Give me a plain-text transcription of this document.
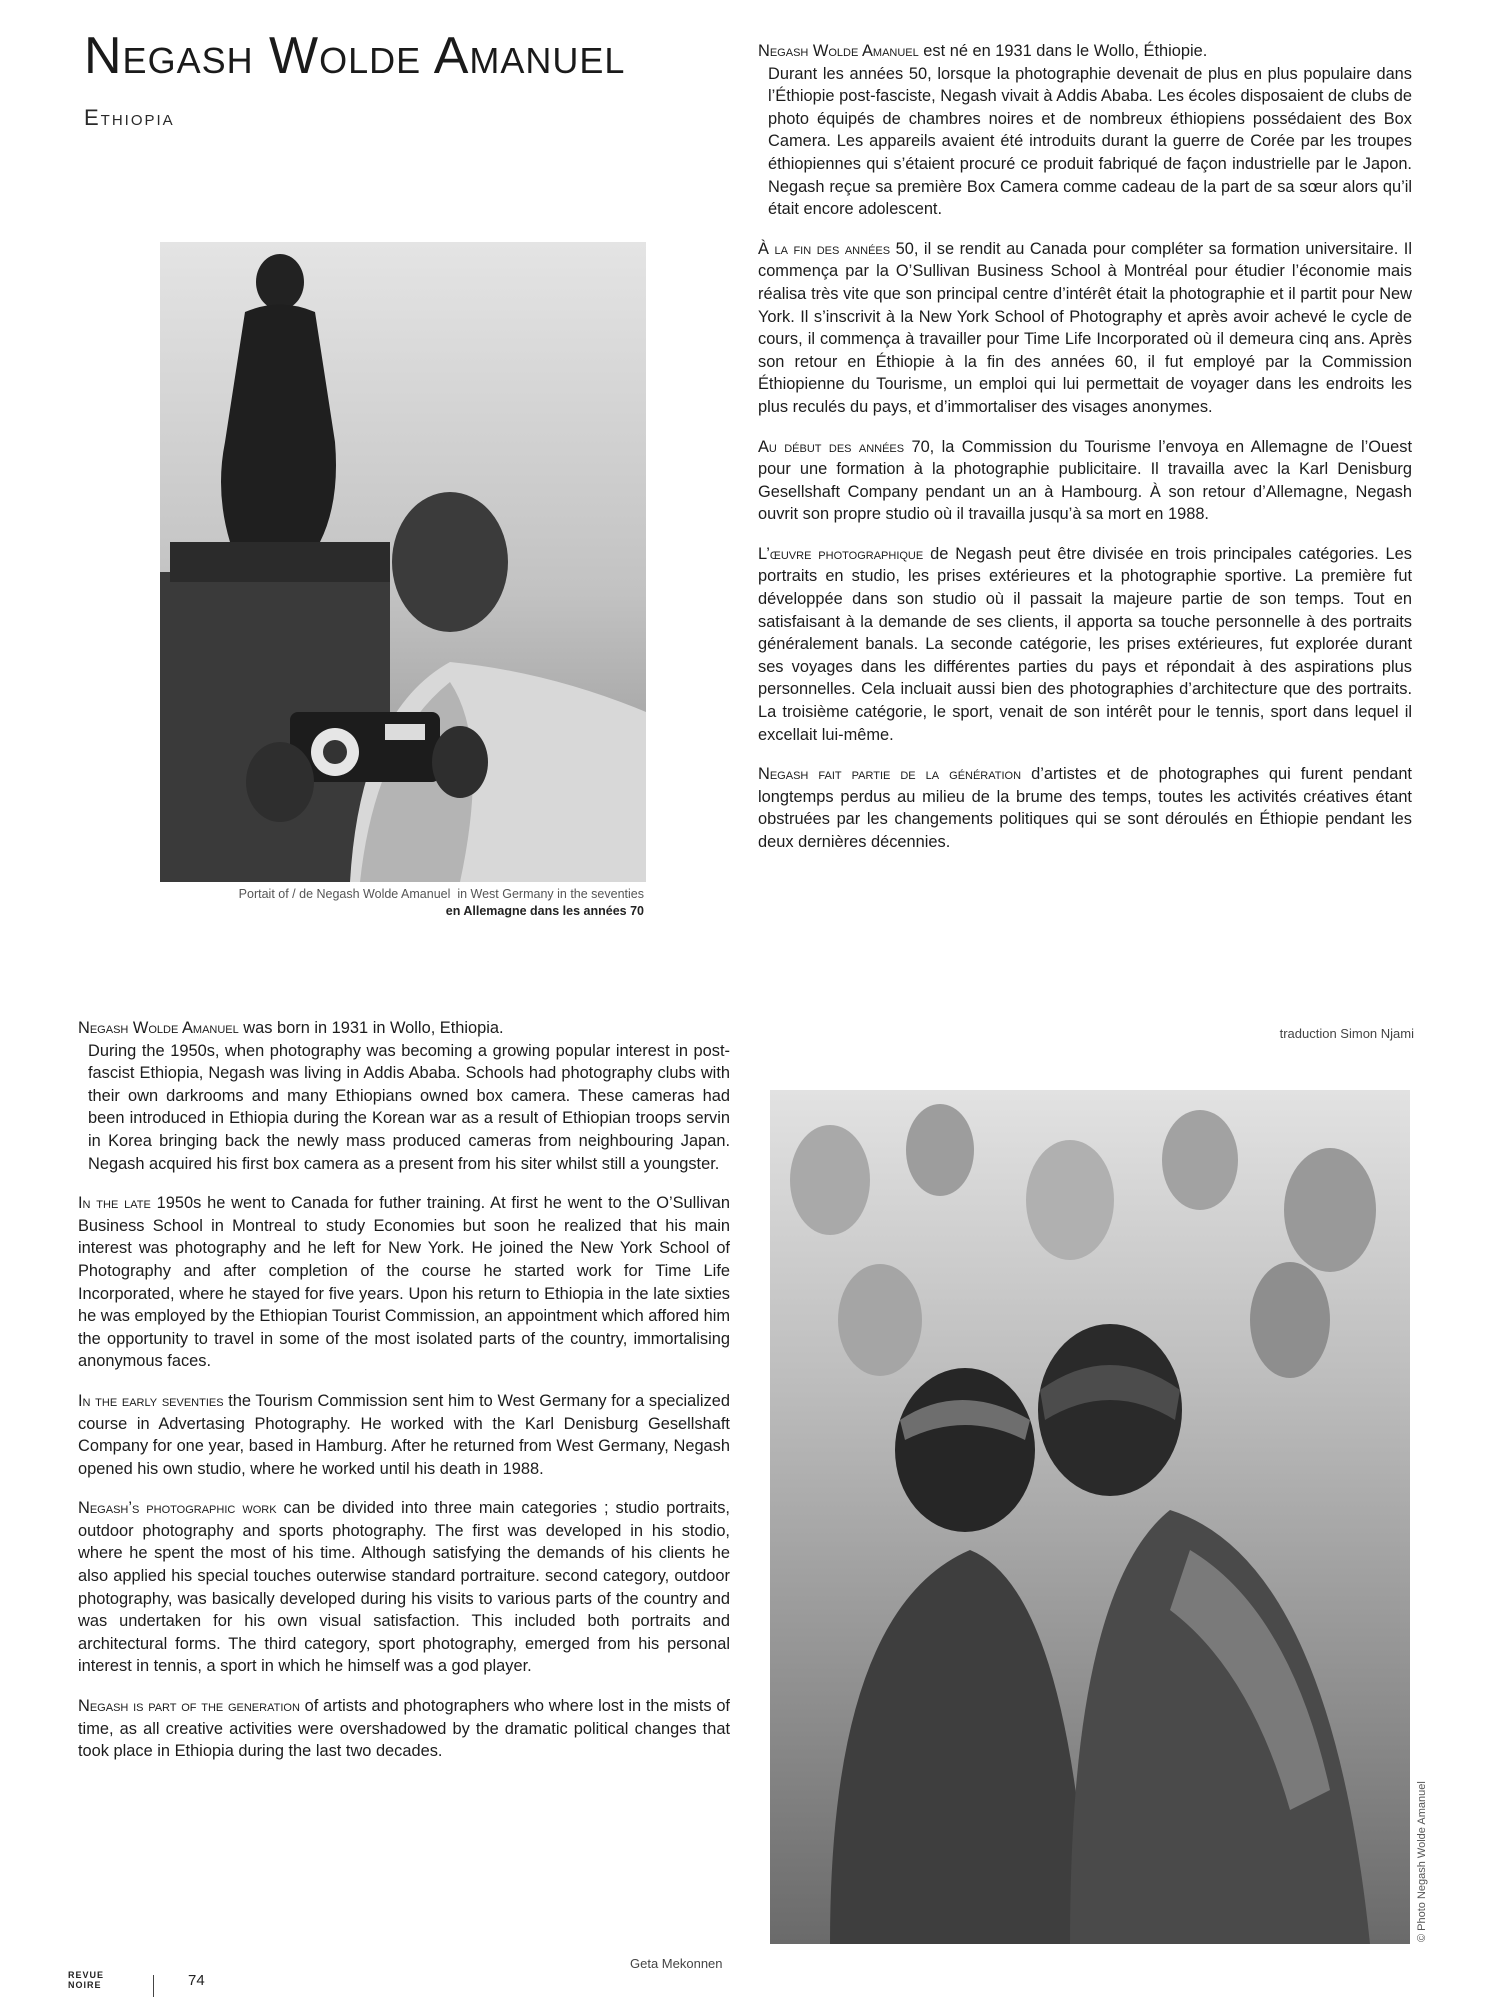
Negash Wolde Amanuel
Ethiopia
Portait of / de Negash Wolde Amanuel in West Germany in the seventies
en Allemagne dans les années 70

Negash Wolde Amanuel est né en 1931 dans le Wollo, Éthiopie.

Durant les années 50, lorsque la photographie devenait de plus en plus populaire dans l’Éthiopie post-fasciste, Negash vivait à Addis Ababa. Les écoles disposaient de clubs de photo équipés de chambres noires et de nombreux éthiopiens possédaient des Box Camera. Les appareils avaient été introduits durant la guerre de Corée par les troupes éthiopiennes qui s’étaient procuré ce produit fabriqué de façon industrielle par le Japon. Negash reçue sa première Box Camera comme cadeau de la part de sa sœur alors qu’il était encore adolescent.

À la fin des années 50, il se rendit au Canada pour compléter sa formation universitaire. Il commença par la O’Sullivan Business School à Montréal pour étudier l’économie mais réalisa très vite que son principal centre d’intérêt était la photographie et il partit pour New York. Il s’inscrivit à la New York School of Photography et après avoir achevé le cycle de cours, il commença à travailler pour Time Life Incorporated où il demeura cinq ans. Après son retour en Éthiopie à la fin des années 60, il fut employé par la Commission Éthiopienne du Tourisme, un emploi qui lui permettait de voyager dans les endroits les plus reculés du pays, et d’immortaliser des visages anonymes.

Au début des années 70, la Commission du Tourisme l’envoya en Allemagne de l’Ouest pour une formation à la photographie publicitaire. Il travailla avec la Karl Denisburg Gesellshaft Company pendant un an à Hambourg. À son retour d’Allemagne, Negash ouvrit son propre studio où il travailla jusqu’à sa mort en 1988.

L’œuvre photographique de Negash peut être divisée en trois principales catégories. Les portraits en studio, les prises extérieures et la photographie sportive. La première fut développée dans son studio où il passait la majeure partie de son temps. Tout en satisfaisant à la demande de ses clients, il apporta sa touche personnelle à des portraits généralement banals. La seconde catégorie, les prises extérieures, fut explorée durant ses voyages dans les différentes parties du pays et répondait à des aspirations plus personnelles. Cela incluait aussi bien des photographies d’architecture que des portraits. La troisième catégorie, le sport, venait de son intérêt pour le tennis, sport dans lequel il excellait lui-même.

Negash fait partie de la génération d’artistes et de photographes qui furent pendant longtemps perdus au milieu de la brume des temps, toutes les activités créatives étant obstruées par les changements politiques qui se sont déroulés en Éthiopie pendant les deux dernières décennies.

traduction Simon Njami

Negash Wolde Amanuel was born in 1931 in Wollo, Ethiopia.

During the 1950s, when photography was becoming a growing popular interest in post-fascist Ethiopia, Negash was living in Addis Ababa. Schools had photography clubs with their own darkrooms and many Ethiopians owned box camera. These cameras had been introduced in Ethiopia during the Korean war as a result of Ethiopian troops servin in Korea bringing back the newly mass produced cameras from neighbouring Japan. Negash acquired his first box camera as a present from his siter whilst still a youngster.

In the late 1950s he went to Canada for futher training. At first he went to the O’Sullivan Business School in Montreal to study Economies but soon he realized that his main interest was photography and he left for New York. He joined the New York School of Photography and after completion of the course he started work for Time Life Incorporated, where he stayed for five years. Upon his return to Ethiopia in the late sixties he was employed by the Ethiopian Tourist Commission, an appointment which affored him the opportunity to travel in some of the most isolated parts of the country, immortalising anonymous faces.

In the early seventies the Tourism Commission sent him to West Germany for a specialized course in Advertasing Photography. He worked with the Karl Denisburg Gesellshaft Company for one year, based in Hamburg. After he returned from West Germany, Negash opened his own studio, where he worked until his death in 1988.

Negash’s photographic work can be divided into three main categories ; studio portraits, outdoor photography and sports photography. The first was developed in his stodio, where he spent the most of his time. Although satisfying the demands of his clients he also applied his special touches outerwise standard portraiture. second category, outdoor photography, was basically developed during his visits to various parts of the country and was undertaken for his own visual satisfaction. This included both portraits and architectural forms. The third category, sport photography, emerged from his personal interest in tennis, a sport in which he himself was a god player.

Negash is part of the generation of artists and photographers who where lost in the mists of time, as all creative activities were overshadowed by the dramatic political changes that took place in Ethiopia during the last two decades.

Geta Mekonnen
© Photo Negash Wolde Amanuel
REVUE
NOIRE	74
